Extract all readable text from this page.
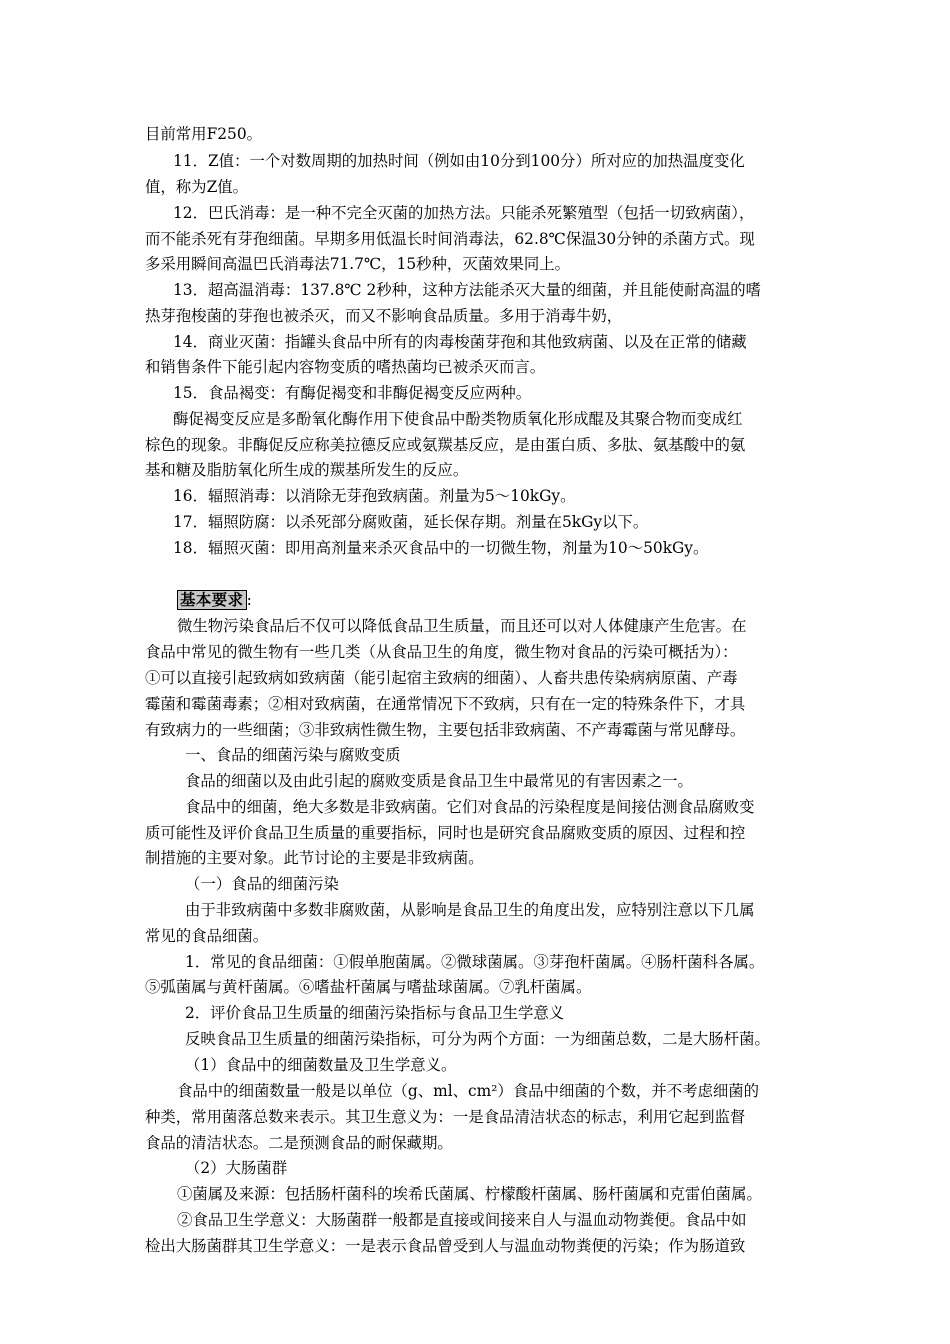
目前常用F250。
11．Z值：一个对数周期的加热时间（例如由10分到100分）所对应的加热温度变化
值，称为Z值。
12．巴氏消毒：是一种不完全灭菌的加热方法。只能杀死繁殖型（包括一切致病菌），
而不能杀死有芽孢细菌。早期多用低温长时间消毒法，62.8℃保温30分钟的杀菌方式。现
多采用瞬间高温巴氏消毒法71.7℃，15秒种，灭菌效果同上。
13．超高温消毒：137.8℃ 2秒种，这种方法能杀灭大量的细菌，并且能使耐高温的嗜
热芽孢梭菌的芽孢也被杀灭，而又不影响食品质量。多用于消毒牛奶，
14．商业灭菌：指罐头食品中所有的肉毒梭菌芽孢和其他致病菌、以及在正常的储藏
和销售条件下能引起内容物变质的嗜热菌均已被杀灭而言。
15．食品褐变：有酶促褐变和非酶促褐变反应两种。
酶促褐变反应是多酚氧化酶作用下使食品中酚类物质氧化形成醌及其聚合物而变成红
棕色的现象。非酶促反应称美拉德反应或氨羰基反应，是由蛋白质、多肽、氨基酸中的氨
基和糖及脂肪氧化所生成的羰基所发生的反应。
16．辐照消毒：以消除无芽孢致病菌。剂量为5～10kGy。
17．辐照防腐：以杀死部分腐败菌，延长保存期。剂量在5kGy以下。
18．辐照灭菌：即用高剂量来杀灭食品中的一切微生物，剂量为10～50kGy。
基本要求 :
微生物污染食品后不仅可以降低食品卫生质量，而且还可以对人体健康产生危害。在
食品中常见的微生物有一些几类（从食品卫生的角度，微生物对食品的污染可概括为）：
①可以直接引起致病如致病菌（能引起宿主致病的细菌）、人畜共患传染病病原菌、产毒
霉菌和霉菌毒素；②相对致病菌，在通常情况下不致病，只有在一定的特殊条件下，才具
有致病力的一些细菌；③非致病性微生物，主要包括非致病菌、不产毒霉菌与常见酵母。
一、食品的细菌污染与腐败变质
食品的细菌以及由此引起的腐败变质是食品卫生中最常见的有害因素之一。
食品中的细菌，绝大多数是非致病菌。它们对食品的污染程度是间接估测食品腐败变
质可能性及评价食品卫生质量的重要指标，同时也是研究食品腐败变质的原因、过程和控
制措施的主要对象。此节讨论的主要是非致病菌。
（一）食品的细菌污染
由于非致病菌中多数非腐败菌，从影响是食品卫生的角度出发，应特别注意以下几属
常见的食品细菌。
1．常见的食品细菌：①假单胞菌属。②微球菌属。③芽孢杆菌属。④肠杆菌科各属。
⑤弧菌属与黄杆菌属。⑥嗜盐杆菌属与嗜盐球菌属。⑦乳杆菌属。
2．评价食品卫生质量的细菌污染指标与食品卫生学意义
反映食品卫生质量的细菌污染指标，可分为两个方面：一为细菌总数，二是大肠杆菌。
（1）食品中的细菌数量及卫生学意义。
食品中的细菌数量一般是以单位（g、ml、cm²）食品中细菌的个数，并不考虑细菌的
种类，常用菌落总数来表示。其卫生意义为：一是食品清洁状态的标志，利用它起到监督
食品的清洁状态。二是预测食品的耐保藏期。
（2）大肠菌群
①菌属及来源：包括肠杆菌科的埃希氏菌属、柠檬酸杆菌属、肠杆菌属和克雷伯菌属。
②食品卫生学意义：大肠菌群一般都是直接或间接来自人与温血动物粪便。食品中如
检出大肠菌群其卫生学意义：一是表示食品曾受到人与温血动物粪便的污染；作为肠道致
